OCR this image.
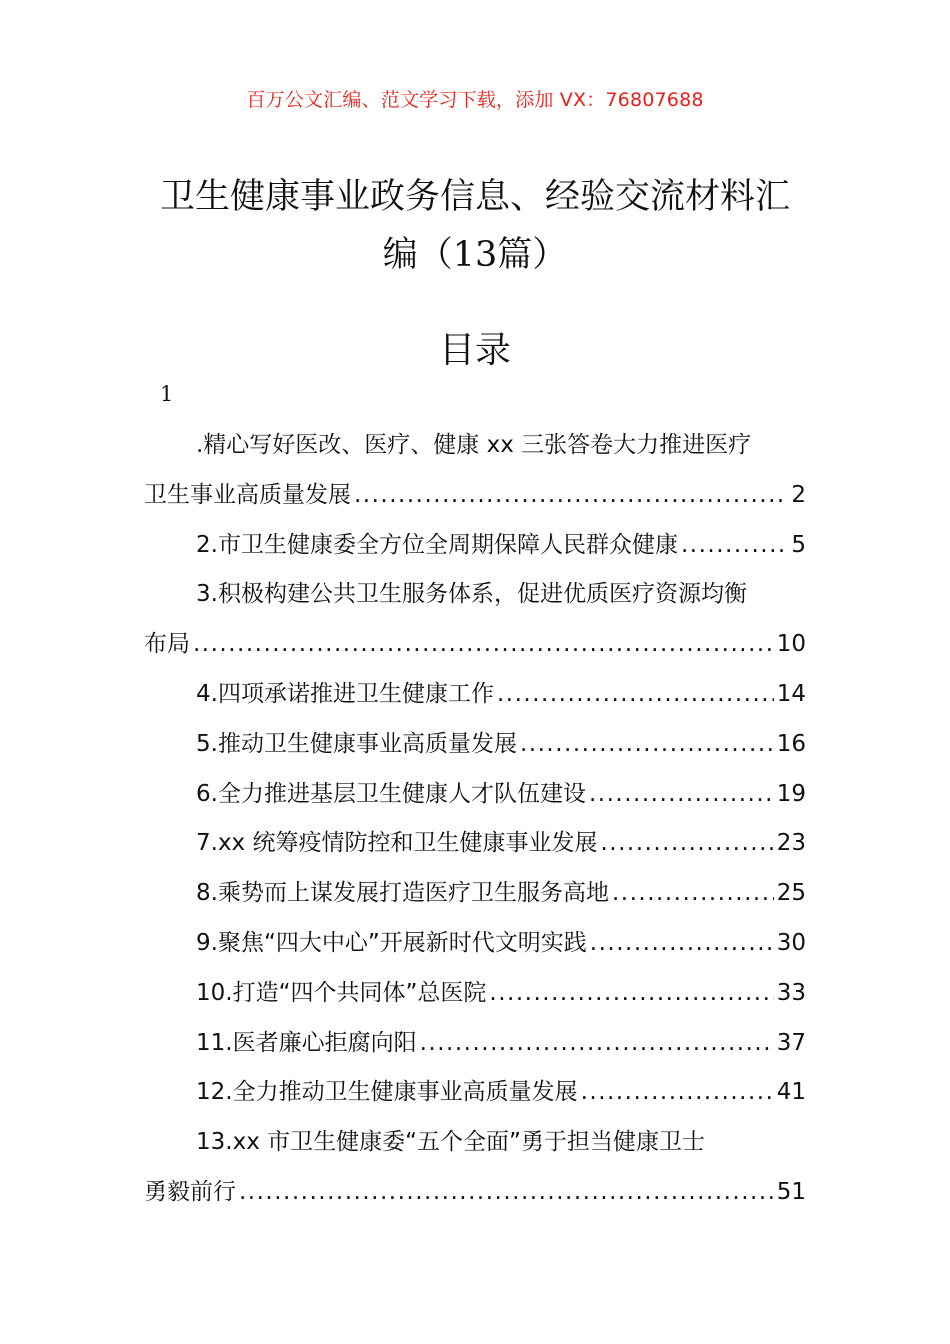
百万公文汇编、范文学习下载，添加 VX：76807688
卫生健康事业政务信息、经验交流材料汇
编（13篇）
目录
1
.精心写好医改、医疗、健康 xx 三张答卷大力推进医疗
卫生事业高质量发展 .....	2
2.市卫生健康委全方位全周期保障人民群众健康 .....	5
3.积极构建公共卫生服务体系，促进优质医疗资源均衡
布局 .....	10
4.四项承诺推进卫生健康工作 .....	14
5.推动卫生健康事业高质量发展 .....	16
6.全力推进基层卫生健康人才队伍建设 .....	19
7.xx 统筹疫情防控和卫生健康事业发展 .....	23
8.乘势而上谋发展打造医疗卫生服务高地 .....	25
9.聚焦“四大中心”开展新时代文明实践 .....	30
10.打造“四个共同体”总医院 .....	33
11.医者廉心拒腐向阳 .....	37
12.全力推动卫生健康事业高质量发展 .....	41
13.xx 市卫生健康委“五个全面”勇于担当健康卫士
勇毅前行 .....	51
